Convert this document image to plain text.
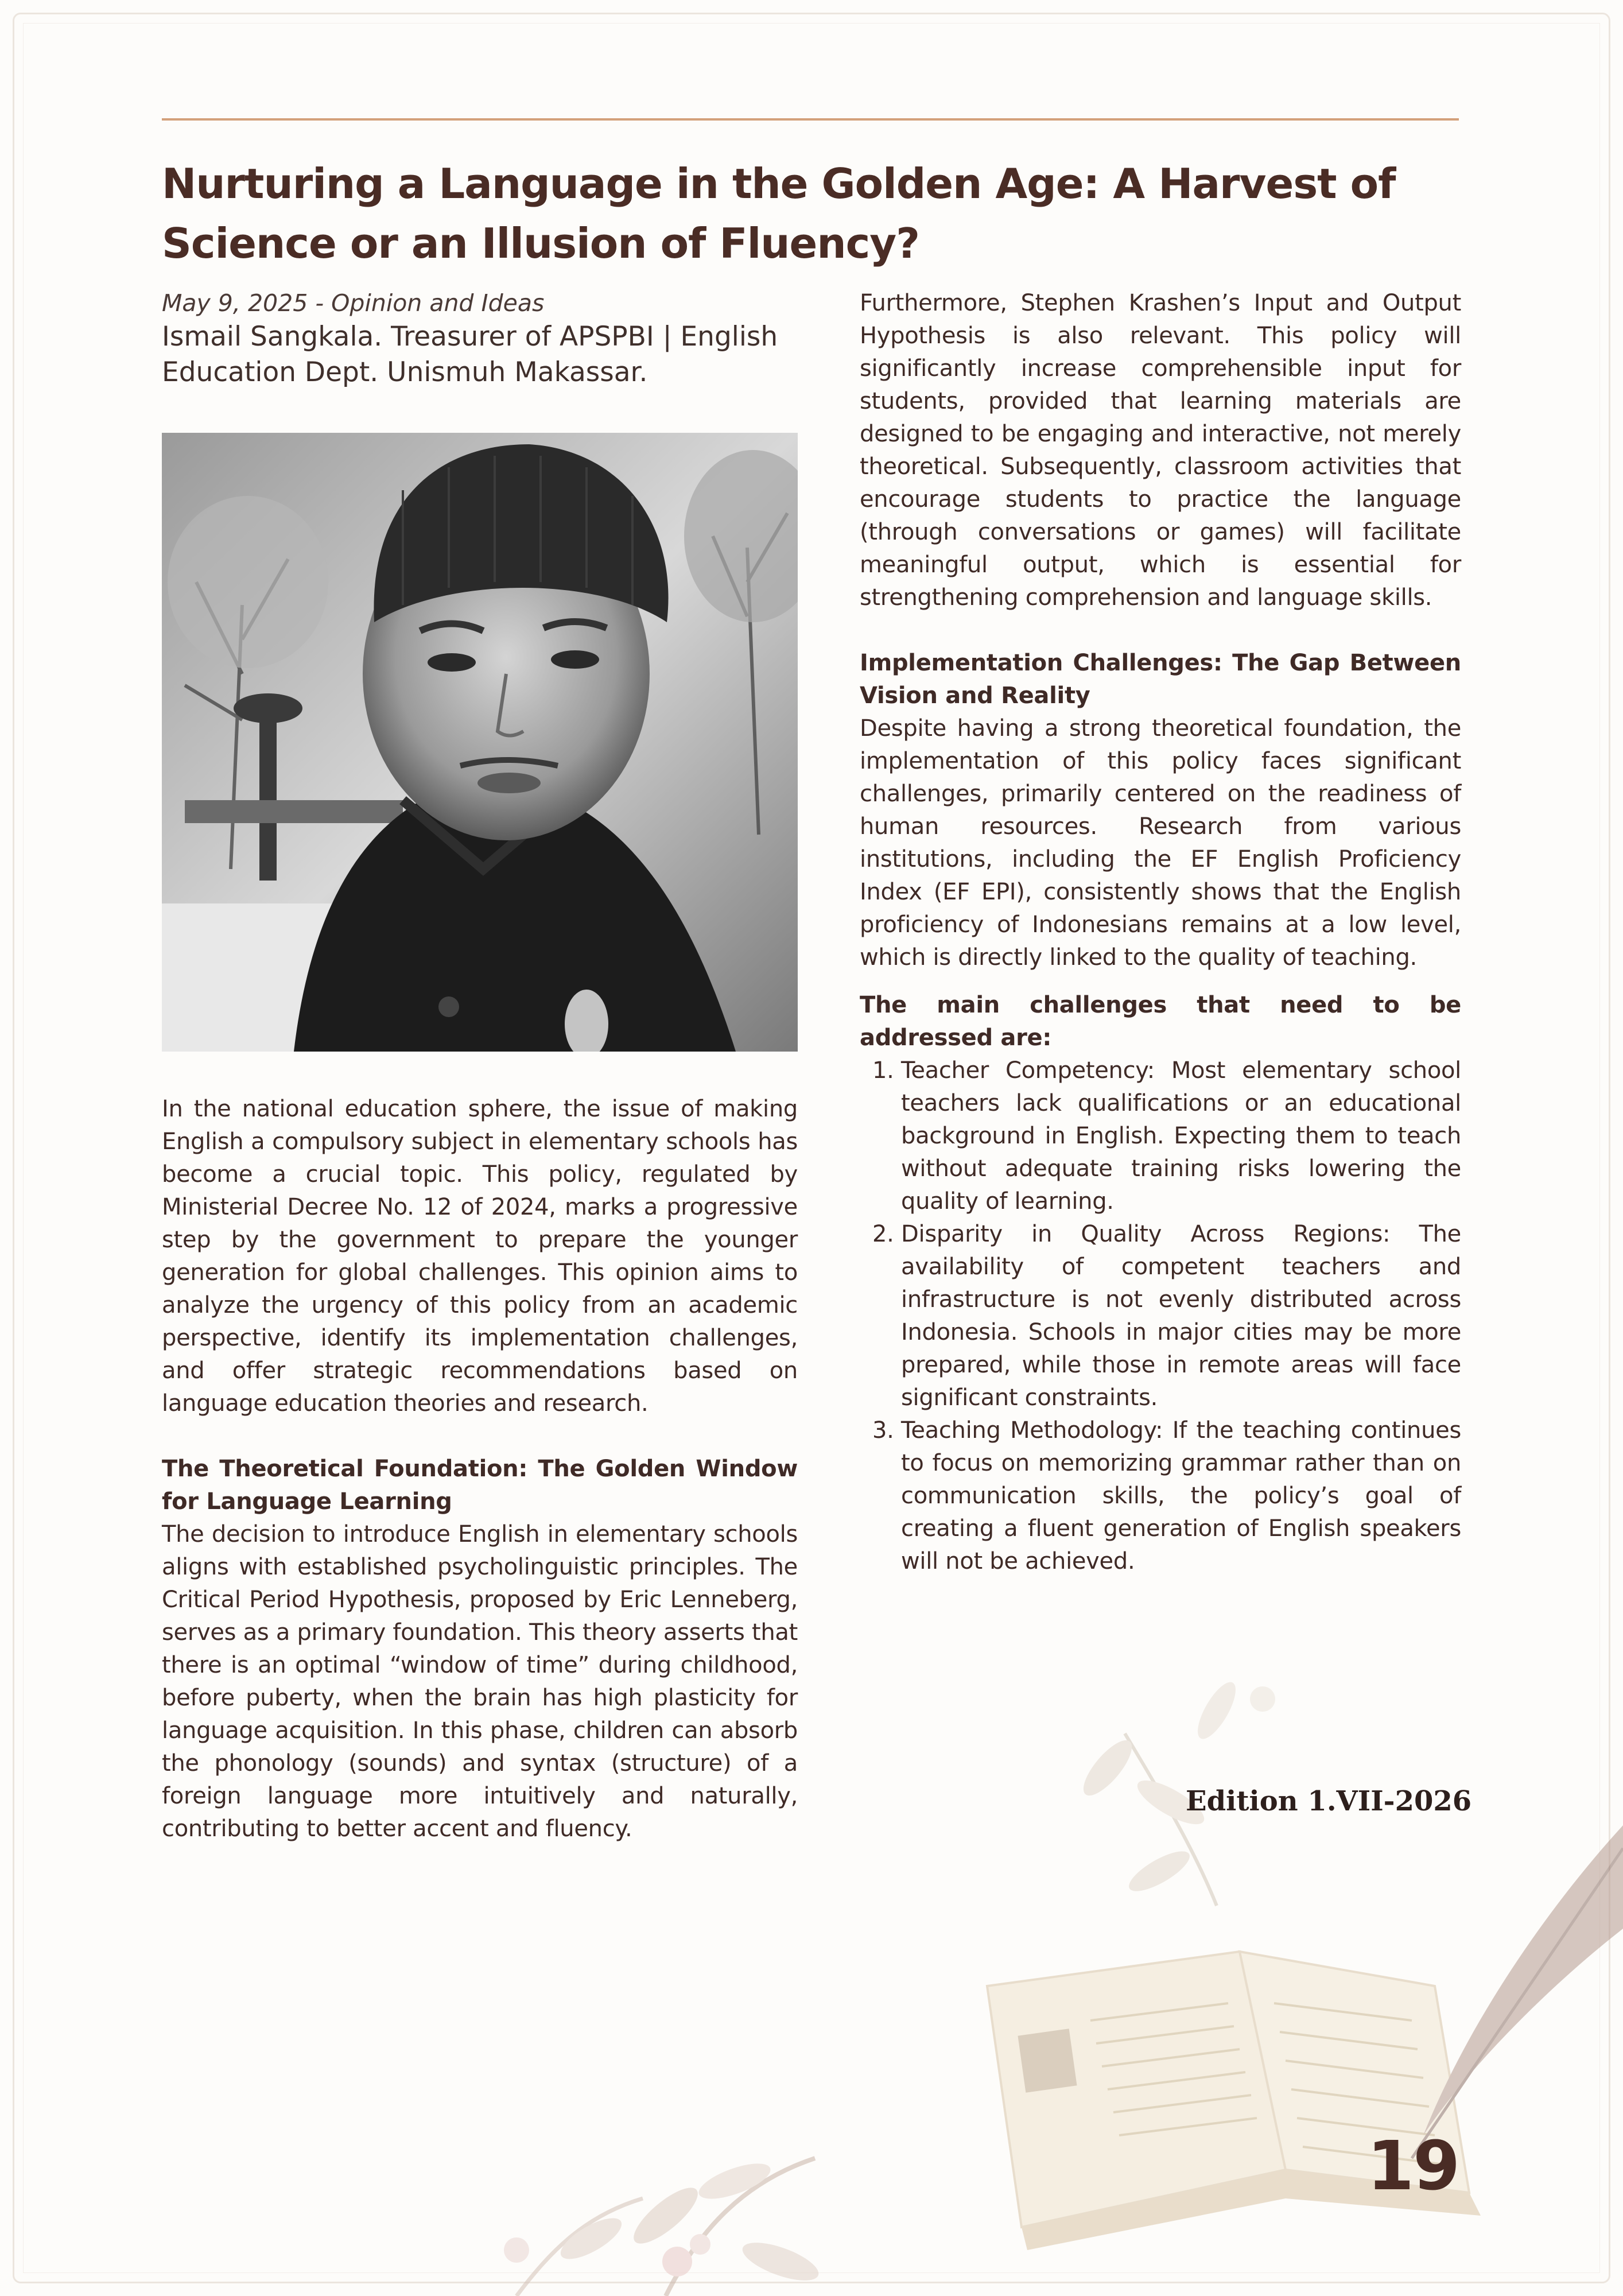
Nurturing a Language in the Golden Age: A Harvest of Science or an Illusion of Fluency?
May 9, 2025 - Opinion and Ideas
Ismail Sangkala. Treasurer of APSPBI | English Education Dept. Unismuh Makassar.

In the national education sphere, the issue of making English a compulsory subject in elementary schools has become a crucial topic. This policy, regulated by Ministerial Decree No. 12 of 2024, marks a progressive step by the government to prepare the younger generation for global challenges. This opinion aims to analyze the urgency of this policy from an academic perspective, identify its implementation challenges, and offer strategic recommendations based on language education theories and research.

The Theoretical Foundation: The Golden Window for Language Learning

The decision to introduce English in elementary schools aligns with established psycholinguistic principles. The Critical Period Hypothesis, proposed by Eric Lenneberg, serves as a primary foundation. This theory asserts that there is an optimal “window of time” during childhood, before puberty, when the brain has high plasticity for language acquisition. In this phase, children can absorb the phonology (sounds) and syntax (structure) of a foreign language more intuitively and naturally, contributing to better accent and fluency.

Furthermore, Stephen Krashen’s Input and Output Hypothesis is also relevant. This policy will significantly increase comprehensible input for students, provided that learning materials are designed to be engaging and interactive, not merely theoretical. Subsequently, classroom activities that encourage students to practice the language (through conversations or games) will facilitate meaningful output, which is essential for strengthening comprehension and language skills.

Implementation Challenges: The Gap Between Vision and Reality

Despite having a strong theoretical foundation, the implementation of this policy faces significant challenges, primarily centered on the readiness of human resources. Research from various institutions, including the EF English Proficiency Index (EF EPI), consistently shows that the English proficiency of Indonesians remains at a low level, which is directly linked to the quality of teaching.

The main challenges that need to be addressed are:

1. Teacher Competency: Most elementary school teachers lack qualifications or an educational background in English. Expecting them to teach without adequate training risks lowering the quality of learning.
2. Disparity in Quality Across Regions: The availability of competent teachers and infrastructure is not evenly distributed across Indonesia. Schools in major cities may be more prepared, while those in remote areas will face significant constraints.
3. Teaching Methodology: If the teaching continues to focus on memorizing grammar rather than on communication skills, the policy’s goal of creating a fluent generation of English speakers will not be achieved.
Edition 1.VII-2026
19
